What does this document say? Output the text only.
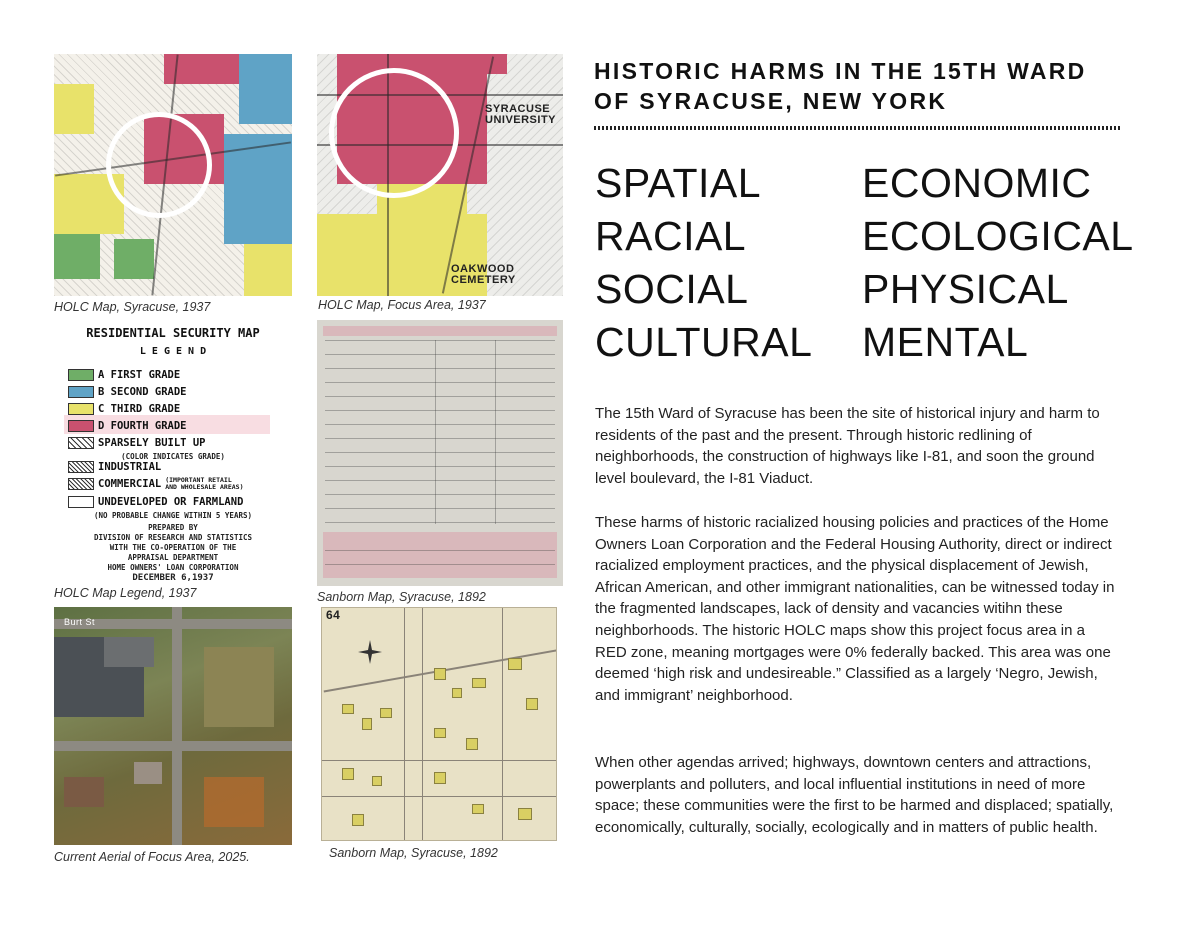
HOLC Map, Syracuse, 1937
SYRACUSE UNIVERSITY
OAKWOOD CEMETERY
HOLC Map, Focus Area, 1937
RESIDENTIAL SECURITY MAP
L E G E N D
A FIRST GRADE
B SECOND GRADE
C THIRD GRADE
D FOURTH GRADE
SPARSELY BUILT UP
(COLOR INDICATES GRADE)
INDUSTRIAL
COMMERCIAL (IMPORTANT RETAIL AND WHOLESALE AREAS)
UNDEVELOPED OR FARMLAND
(NO PROBABLE CHANGE WITHIN 5 YEARS)
PREPARED BY
DIVISION OF RESEARCH AND STATISTICS
WITH THE CO-OPERATION OF THE
APPRAISAL DEPARTMENT
HOME OWNERS' LOAN CORPORATION
DECEMBER 6,1937
HOLC Map Legend, 1937	Sanborn Map, Syracuse, 1892
Burt St
Current Aerial of Focus Area, 2025.
64
Sanborn Map, Syracuse, 1892
HISTORIC HARMS IN THE 15TH WARD
OF SYRACUSE, NEW YORK
SPATIAL
RACIAL
SOCIAL
CULTURAL
ECONOMIC
ECOLOGICAL
PHYSICAL
MENTAL

The 15th Ward of Syracuse has been the site of historical injury and harm to residents of the past and the present. Through historic redlining of neighborhoods, the construction of highways like I-81, and soon the ground level boulevard, the I-81 Viaduct.

These harms of historic racialized housing policies and practices of the Home Owners Loan Corporation and the Federal Housing Authority, direct or indirect racialized employment practices, and the physical displacement of Jewish, African American, and other immigrant nationalities, can be witnessed today in the fragmented landscapes, lack of density and vacancies witihn these neighborhoods. The historic HOLC maps show this project focus area in a RED zone, meaning mortgages were 0% federally backed. This area was one deemed ‘high risk and undesireable.” Classified as a largely ‘Negro, Jewish, and immigrant’ neighborhood.

When other agendas arrived; highways, downtown centers and attractions, powerplants and polluters, and local influential institutions in need of more space; these communities were the first to be harmed and displaced; spatially, economically, culturally, socially, ecologically and in matters of public health.
